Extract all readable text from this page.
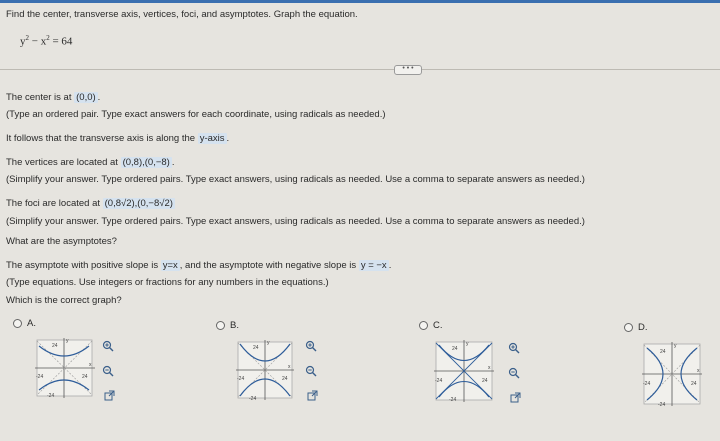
Find the center, transverse axis, vertices, foci, and asymptotes. Graph the equation.
$y^2 - x^2 = 64$
• • •
The center is at (0,0) .
(Type an ordered pair. Type exact answers for each coordinate, using radicals as needed.)
It follows that the transverse axis is along the y-axis .
The vertices are located at (0,8),(0,−8) .
(Simplify your answer. Type ordered pairs. Type exact answers, using radicals as needed. Use a comma to separate answers as needed.)
The foci are located at (0,8√2),(0,−8√2)
(Simplify your answer. Type ordered pairs. Type exact answers, using radicals as needed. Use a comma to separate answers as needed.)
What are the asymptotes?
The asymptote with positive slope is y=x , and the asymptote with negative slope is y = −x .
(Type equations. Use integers or fractions for any numbers in the equations.)
Which is the correct graph?
A.	B.	C.	D.
24
y
-24	24
x
-24
24
y
-24	24
x
-24
24
y
-24	24
x
-24
24
y
-24	24
x
-24
